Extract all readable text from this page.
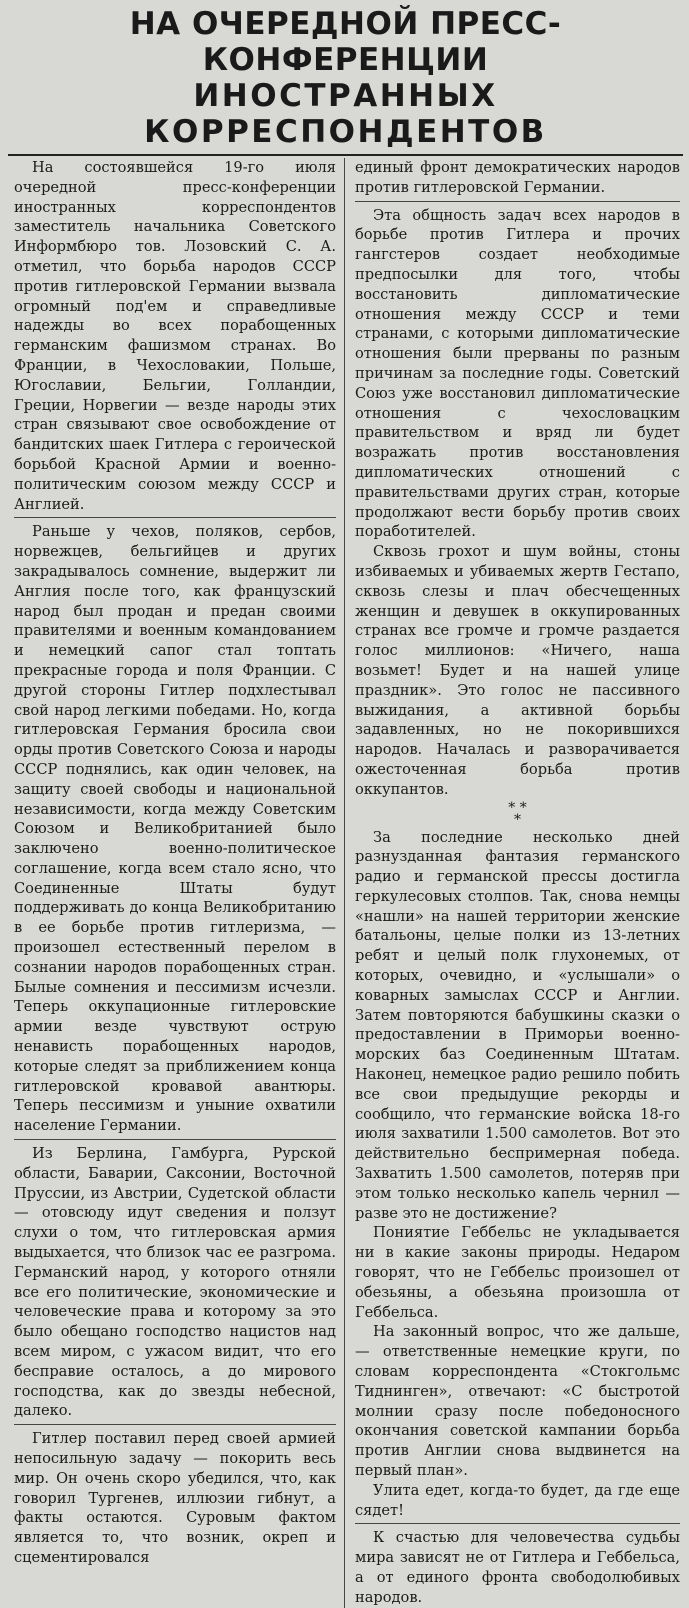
НА ОЧЕРЕДНОЙ ПРЕСС-КОНФЕРЕНЦИИ
ИНОСТРАННЫХ КОРРЕСПОНДЕНТОВ

На состоявшейся 19-го июля очередной пресс-конференции иностранных корреспондентов заместитель начальника Советского Информбюро тов. Лозовский С. А. отметил, что борьба народов СССР против гитлеровской Германии вызвала огромный под'ем и справедливые надежды во всех порабощенных германским фашизмом странах. Во Франции, в Чехословакии, Польше, Югославии, Бельгии, Голландии, Греции, Норвегии — везде народы этих стран связывают свое освобождение от бандитских шаек Гитлера с героической борьбой Красной Армии и военно-политическим союзом между СССР и Англией.

Раньше у чехов, поляков, сербов, норвежцев, бельгийцев и других закрадывалось сомнение, выдержит ли Англия после того, как французский народ был продан и предан своими правителями и военным командованием и немецкий сапог стал топтать прекрасные города и поля Франции. С другой стороны Гитлер подхлестывал свой народ легкими победами. Но, когда гитлеровская Германия бросила свои орды против Советского Союза и народы СССР поднялись, как один человек, на защиту своей свободы и национальной независимости, когда между Советским Союзом и Великобританией было заключено военно-политическое соглашение, когда всем стало ясно, что Соединенные Штаты будут поддерживать до конца Великобританию в ее борьбе против гитлеризма, — произошел естественный перелом в сознании народов порабощенных стран. Былые сомнения и пессимизм исчезли. Теперь оккупационные гитлеровские армии везде чувствуют острую ненависть порабощенных народов, которые следят за приближением конца гитлеровской кровавой авантюры. Теперь пессимизм и уныние охватили население Германии.

Из Берлина, Гамбурга, Рурской области, Баварии, Саксонии, Восточной Пруссии, из Австрии, Судетской области — отовсюду идут сведения и ползут слухи о том, что гитлеровская армия выдыхается, что близок час ее разгрома. Германский народ, у которого отняли все его политические, экономические и человеческие права и которому за это было обещано господство нацистов над всем миром, с ужасом видит, что его бесправие осталось, а до мирового господства, как до звезды небесной, далеко.

Гитлер поставил перед своей армией непосильную задачу — покорить весь мир. Он очень скоро убедился, что, как говорил Тургенев, иллюзии гибнут, а факты остаются. Суровым фактом является то, что возник, окреп и сцементировался

единый фронт демократических народов против гитлеровской Германии.

Эта общность задач всех народов в борьбе против Гитлера и прочих гангстеров создает необходимые предпосылки для того, чтобы восстановить дипломатические отношения между СССР и теми странами, с которыми дипломатические отношения были прерваны по разным причинам за последние годы. Советский Союз уже восстановил дипломатические отношения с чехословацким правительством и вряд ли будет возражать против восстановления дипломатических отношений с правительствами других стран, которые продолжают вести борьбу против своих поработителей.

Сквозь грохот и шум войны, стоны избиваемых и убиваемых жертв Гестапо, сквозь слезы и плач обесчещенных женщин и девушек в оккупированных странах все громче и громче раздается голос миллионов: «Ничего, наша возьмет! Будет и на нашей улице праздник». Это голос не пассивного выжидания, а активной борьбы задавленных, но не покорившихся народов. Началась и разворачивается ожесточенная борьба против оккупантов.

* *
*

За последние несколько дней разнузданная фантазия германского радио и германской прессы достигла геркулесовых столпов. Так, снова немцы «нашли» на нашей территории женские батальоны, целые полки из 13-летних ребят и целый полк глухонемых, от которых, очевидно, и «услышали» о коварных замыслах СССР и Англии. Затем повторяются бабушкины сказки о предоставлении в Приморьи военно-морских баз Соединенным Штатам. Наконец, немецкое радио решило побить все свои предыдущие рекорды и сообщило, что германские войска 18-го июля захватили 1.500 самолетов. Вот это действительно беспримерная победа. Захватить 1.500 самолетов, потеряв при этом только несколько капель чернил — разве это не достижение?

Пониятие Геббельс не укладывается ни в какие законы природы. Недаром говорят, что не Геббельс произошел от обезьяны, а обезьяна произошла от Геббельса.

На законный вопрос, что же дальше, — ответственные немецкие круги, по словам корреспондента «Стокгольмс Тиднинген», отвечают: «С быстротой молнии сразу после победоносного окончания советской кампании борьба против Англии снова выдвинется на первый план».

Улита едет, когда-то будет, да где еще сядет!

К счастью для человечества судьбы мира зависят не от Гитлера и Геббельса, а от единого фронта свободолюбивых народов.
